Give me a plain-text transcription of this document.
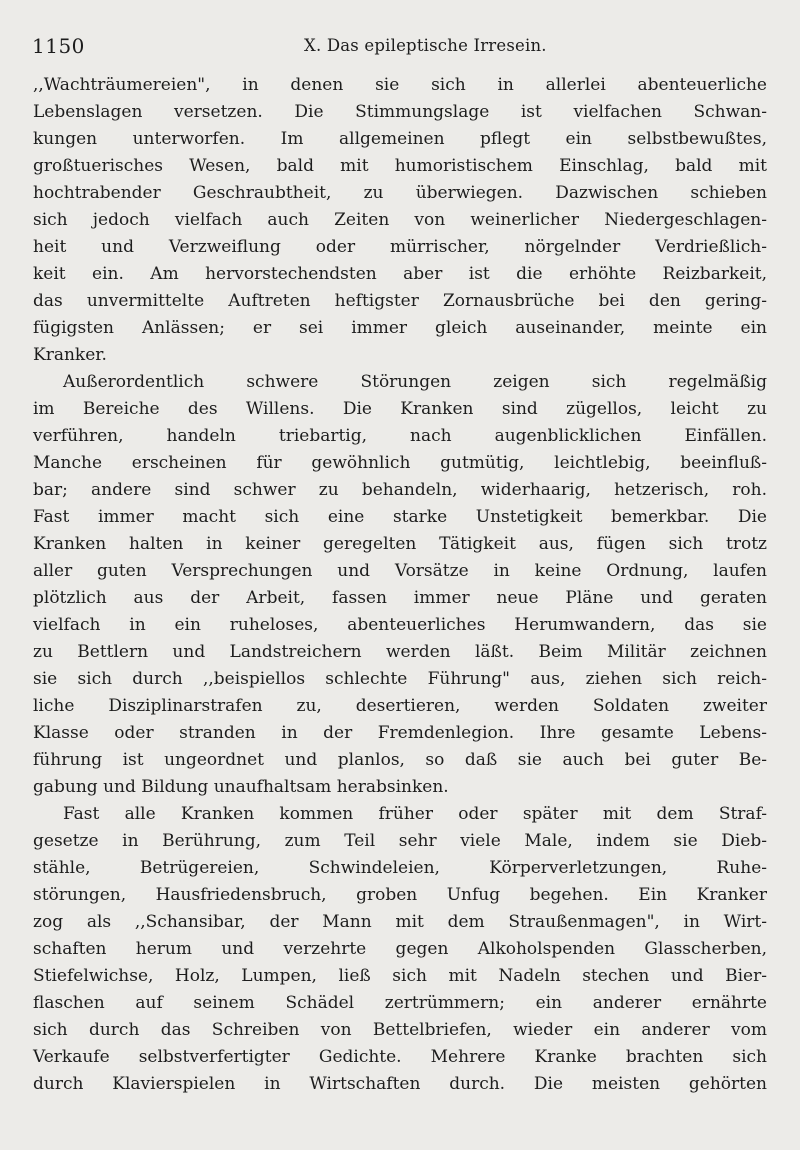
1150	X. Das epileptische Irresein.
,,Wachträumereien", in denen sie sich in allerlei abenteuerliche
Lebenslagen versetzen. Die Stimmungslage ist vielfachen Schwan-
kungen unterworfen. Im allgemeinen pflegt ein selbstbewußtes,
großtuerisches Wesen, bald mit humoristischem Einschlag, bald mit
hochtrabender Geschraubtheit, zu überwiegen. Dazwischen schieben
sich jedoch vielfach auch Zeiten von weinerlicher Niedergeschlagen-
heit und Verzweiflung oder mürrischer, nörgelnder Verdrießlich-
keit ein. Am hervorstechendsten aber ist die erhöhte Reizbarkeit,
das unvermittelte Auftreten heftigster Zornausbrüche bei den gering-
fügigsten Anlässen; er sei immer gleich auseinander, meinte ein
Kranker.
Außerordentlich schwere Störungen zeigen sich regelmäßig
im Bereiche des Willens. Die Kranken sind zügellos, leicht zu
verführen, handeln triebartig, nach augenblicklichen Einfällen.
Manche erscheinen für gewöhnlich gutmütig, leichtlebig, beeinfluß-
bar; andere sind schwer zu behandeln, widerhaarig, hetzerisch, roh.
Fast immer macht sich eine starke Unstetigkeit bemerkbar. Die
Kranken halten in keiner geregelten Tätigkeit aus, fügen sich trotz
aller guten Versprechungen und Vorsätze in keine Ordnung, laufen
plötzlich aus der Arbeit, fassen immer neue Pläne und geraten
vielfach in ein ruheloses, abenteuerliches Herumwandern, das sie
zu Bettlern und Landstreichern werden läßt. Beim Militär zeichnen
sie sich durch ,,beispiellos schlechte Führung" aus, ziehen sich reich-
liche Disziplinarstrafen zu, desertieren, werden Soldaten zweiter
Klasse oder stranden in der Fremdenlegion. Ihre gesamte Lebens-
führung ist ungeordnet und planlos, so daß sie auch bei guter Be-
gabung und Bildung unaufhaltsam herabsinken.
Fast alle Kranken kommen früher oder später mit dem Straf-
gesetze in Berührung, zum Teil sehr viele Male, indem sie Dieb-
stähle, Betrügereien, Schwindeleien, Körperverletzungen, Ruhe-
störungen, Hausfriedensbruch, groben Unfug begehen. Ein Kranker
zog als ,,Schansibar, der Mann mit dem Straußenmagen", in Wirt-
schaften herum und verzehrte gegen Alkoholspenden Glasscherben,
Stiefelwichse, Holz, Lumpen, ließ sich mit Nadeln stechen und Bier-
flaschen auf seinem Schädel zertrümmern; ein anderer ernährte
sich durch das Schreiben von Bettelbriefen, wieder ein anderer vom
Verkaufe selbstverfertigter Gedichte. Mehrere Kranke brachten sich
durch Klavierspielen in Wirtschaften durch. Die meisten gehörten
